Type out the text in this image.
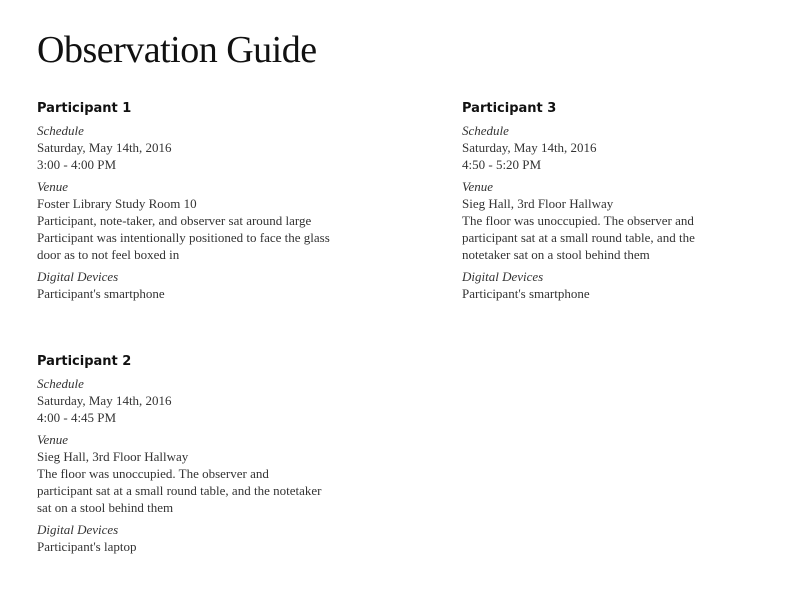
Observation Guide
Participant 1
Schedule
Saturday, May 14th, 2016
3:00 - 4:00 PM
Venue
Foster Library Study Room 10
Participant, note-taker, and observer sat around large
Participant was intentionally positioned to face the glass
door as to not feel boxed in
Digital Devices
Participant's smartphone
Participant 3
Schedule
Saturday, May 14th, 2016
4:50 - 5:20 PM
Venue
Sieg Hall, 3rd Floor Hallway
The floor was unoccupied. The observer and
participant sat at a small round table, and the
notetaker sat on a stool behind them
Digital Devices
Participant's smartphone
Participant 2
Schedule
Saturday, May 14th, 2016
4:00 - 4:45 PM
Venue
Sieg Hall, 3rd Floor Hallway
The floor was unoccupied. The observer and
participant sat at a small round table, and the notetaker
sat on a stool behind them
Digital Devices
Participant's laptop
